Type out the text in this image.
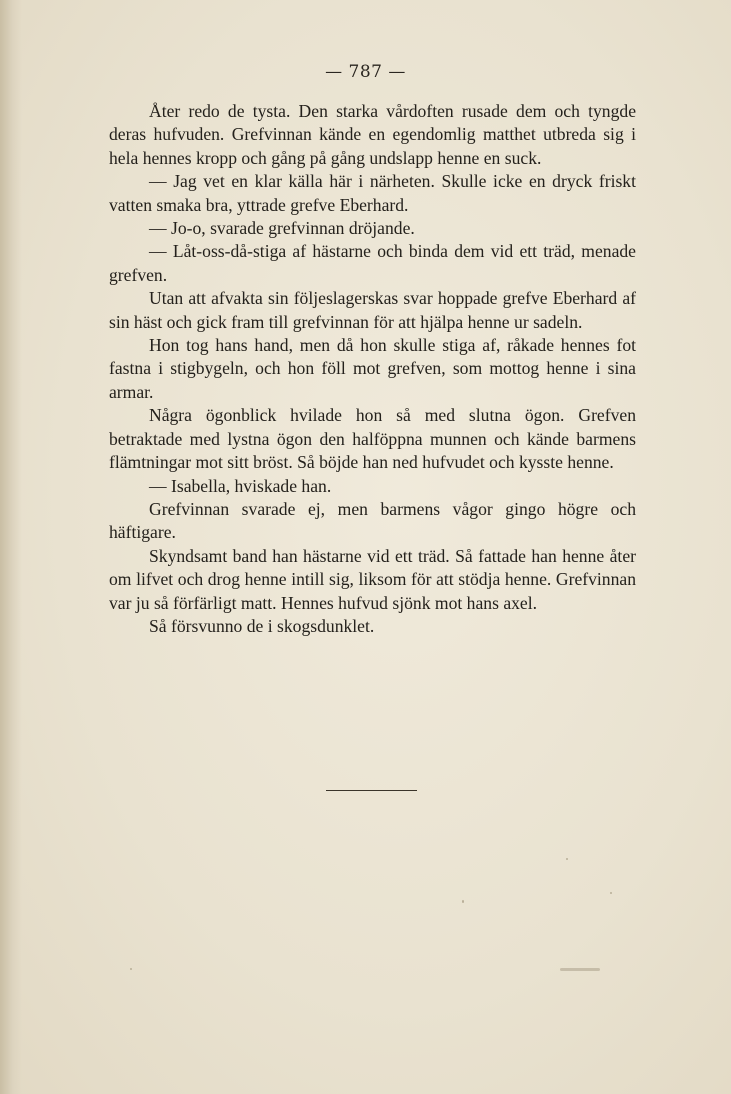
— 787 —

Åter redo de tysta. Den starka vårdoften rusade dem och tyngde deras hufvuden. Grefvinnan kände en egendomlig matthet utbreda sig i hela hennes kropp och gång på gång undslapp henne en suck.

— Jag vet en klar källa här i närheten. Skulle icke en dryck friskt vatten smaka bra, yttrade grefve Eberhard.

— Jo-o, svarade grefvinnan dröjande.

— Låt-oss-då-stiga af hästarne och binda dem vid ett träd, menade grefven.

Utan att afvakta sin följeslagerskas svar hoppade grefve Eberhard af sin häst och gick fram till grefvinnan för att hjälpa henne ur sadeln.

Hon tog hans hand, men då hon skulle stiga af, råkade hennes fot fastna i stigbygeln, och hon föll mot grefven, som mottog henne i sina armar.

Några ögonblick hvilade hon så med slutna ögon. Grefven betraktade med lystna ögon den halföppna munnen och kände barmens flämtningar mot sitt bröst. Så böjde han ned hufvudet och kysste henne.

— Isabella, hviskade han.

Grefvinnan svarade ej, men barmens vågor gingo högre och häftigare.

Skyndsamt band han hästarne vid ett träd. Så fattade han henne åter om lifvet och drog henne intill sig, liksom för att stödja henne. Grefvinnan var ju så förfärligt matt. Hennes hufvud sjönk mot hans axel.

Så försvunno de i skogsdunklet.
